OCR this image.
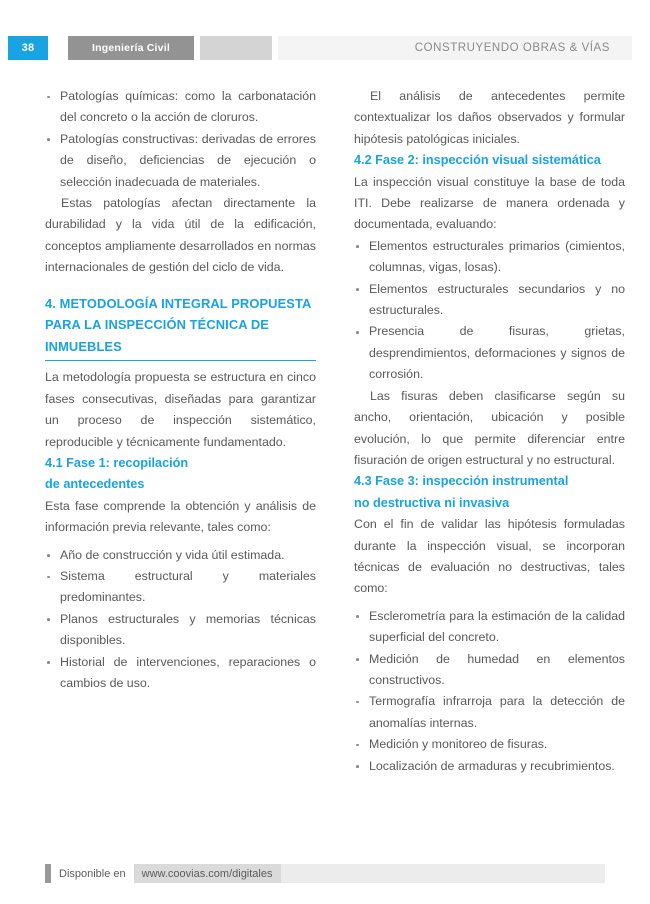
38	Ingeniería Civil	CONSTRUYENDO OBRAS & VÍAS
Patologías químicas: como la carbonatación del concreto o la acción de cloruros.
Patologías constructivas: derivadas de errores de diseño, deficiencias de ejecución o selección inadecuada de materiales.

Estas patologías afectan directamente la durabilidad y la vida útil de la edificación, conceptos ampliamente desarrollados en normas internacionales de gestión del ciclo de vida.

4. METODOLOGÍA INTEGRAL PROPUESTA PARA LA INSPECCIÓN TÉCNICA DE INMUEBLES

La metodología propuesta se estructura en cinco fases consecutivas, diseñadas para garantizar un proceso de inspección sistemático, reproducible y técnicamente fundamentado.

4.1 Fase 1: recopilación
de antecedentes

Esta fase comprende la obtención y análisis de información previa relevante, tales como:

Año de construcción y vida útil estimada.
Sistema estructural y materiales predominantes.
Planos estructurales y memorias técnicas disponibles.
Historial de intervenciones, reparaciones o cambios de uso.

El análisis de antecedentes permite contextualizar los daños observados y formular hipótesis patológicas iniciales.

4.2 Fase 2: inspección visual sistemática

La inspección visual constituye la base de toda ITI. Debe realizarse de manera ordenada y documentada, evaluando:

Elementos estructurales primarios (cimientos, columnas, vigas, losas).
Elementos estructurales secundarios y no estructurales.
Presencia de fisuras, grietas, desprendimientos, deformaciones y signos de corrosión.

Las fisuras deben clasificarse según su ancho, orientación, ubicación y posible evolución, lo que permite diferenciar entre fisuración de origen estructural y no estructural.

4.3 Fase 3: inspección instrumental
no destructiva ni invasiva

Con el fin de validar las hipótesis formuladas durante la inspección visual, se incorporan técnicas de evaluación no destructivas, tales como:

Esclerometría para la estimación de la calidad superficial del concreto.
Medición de humedad en elementos constructivos.
Termografía infrarroja para la detección de anomalías internas.
Medición y monitoreo de fisuras.
Localización de armaduras y recubrimientos.
Disponible en	www.coovias.com/digitales
